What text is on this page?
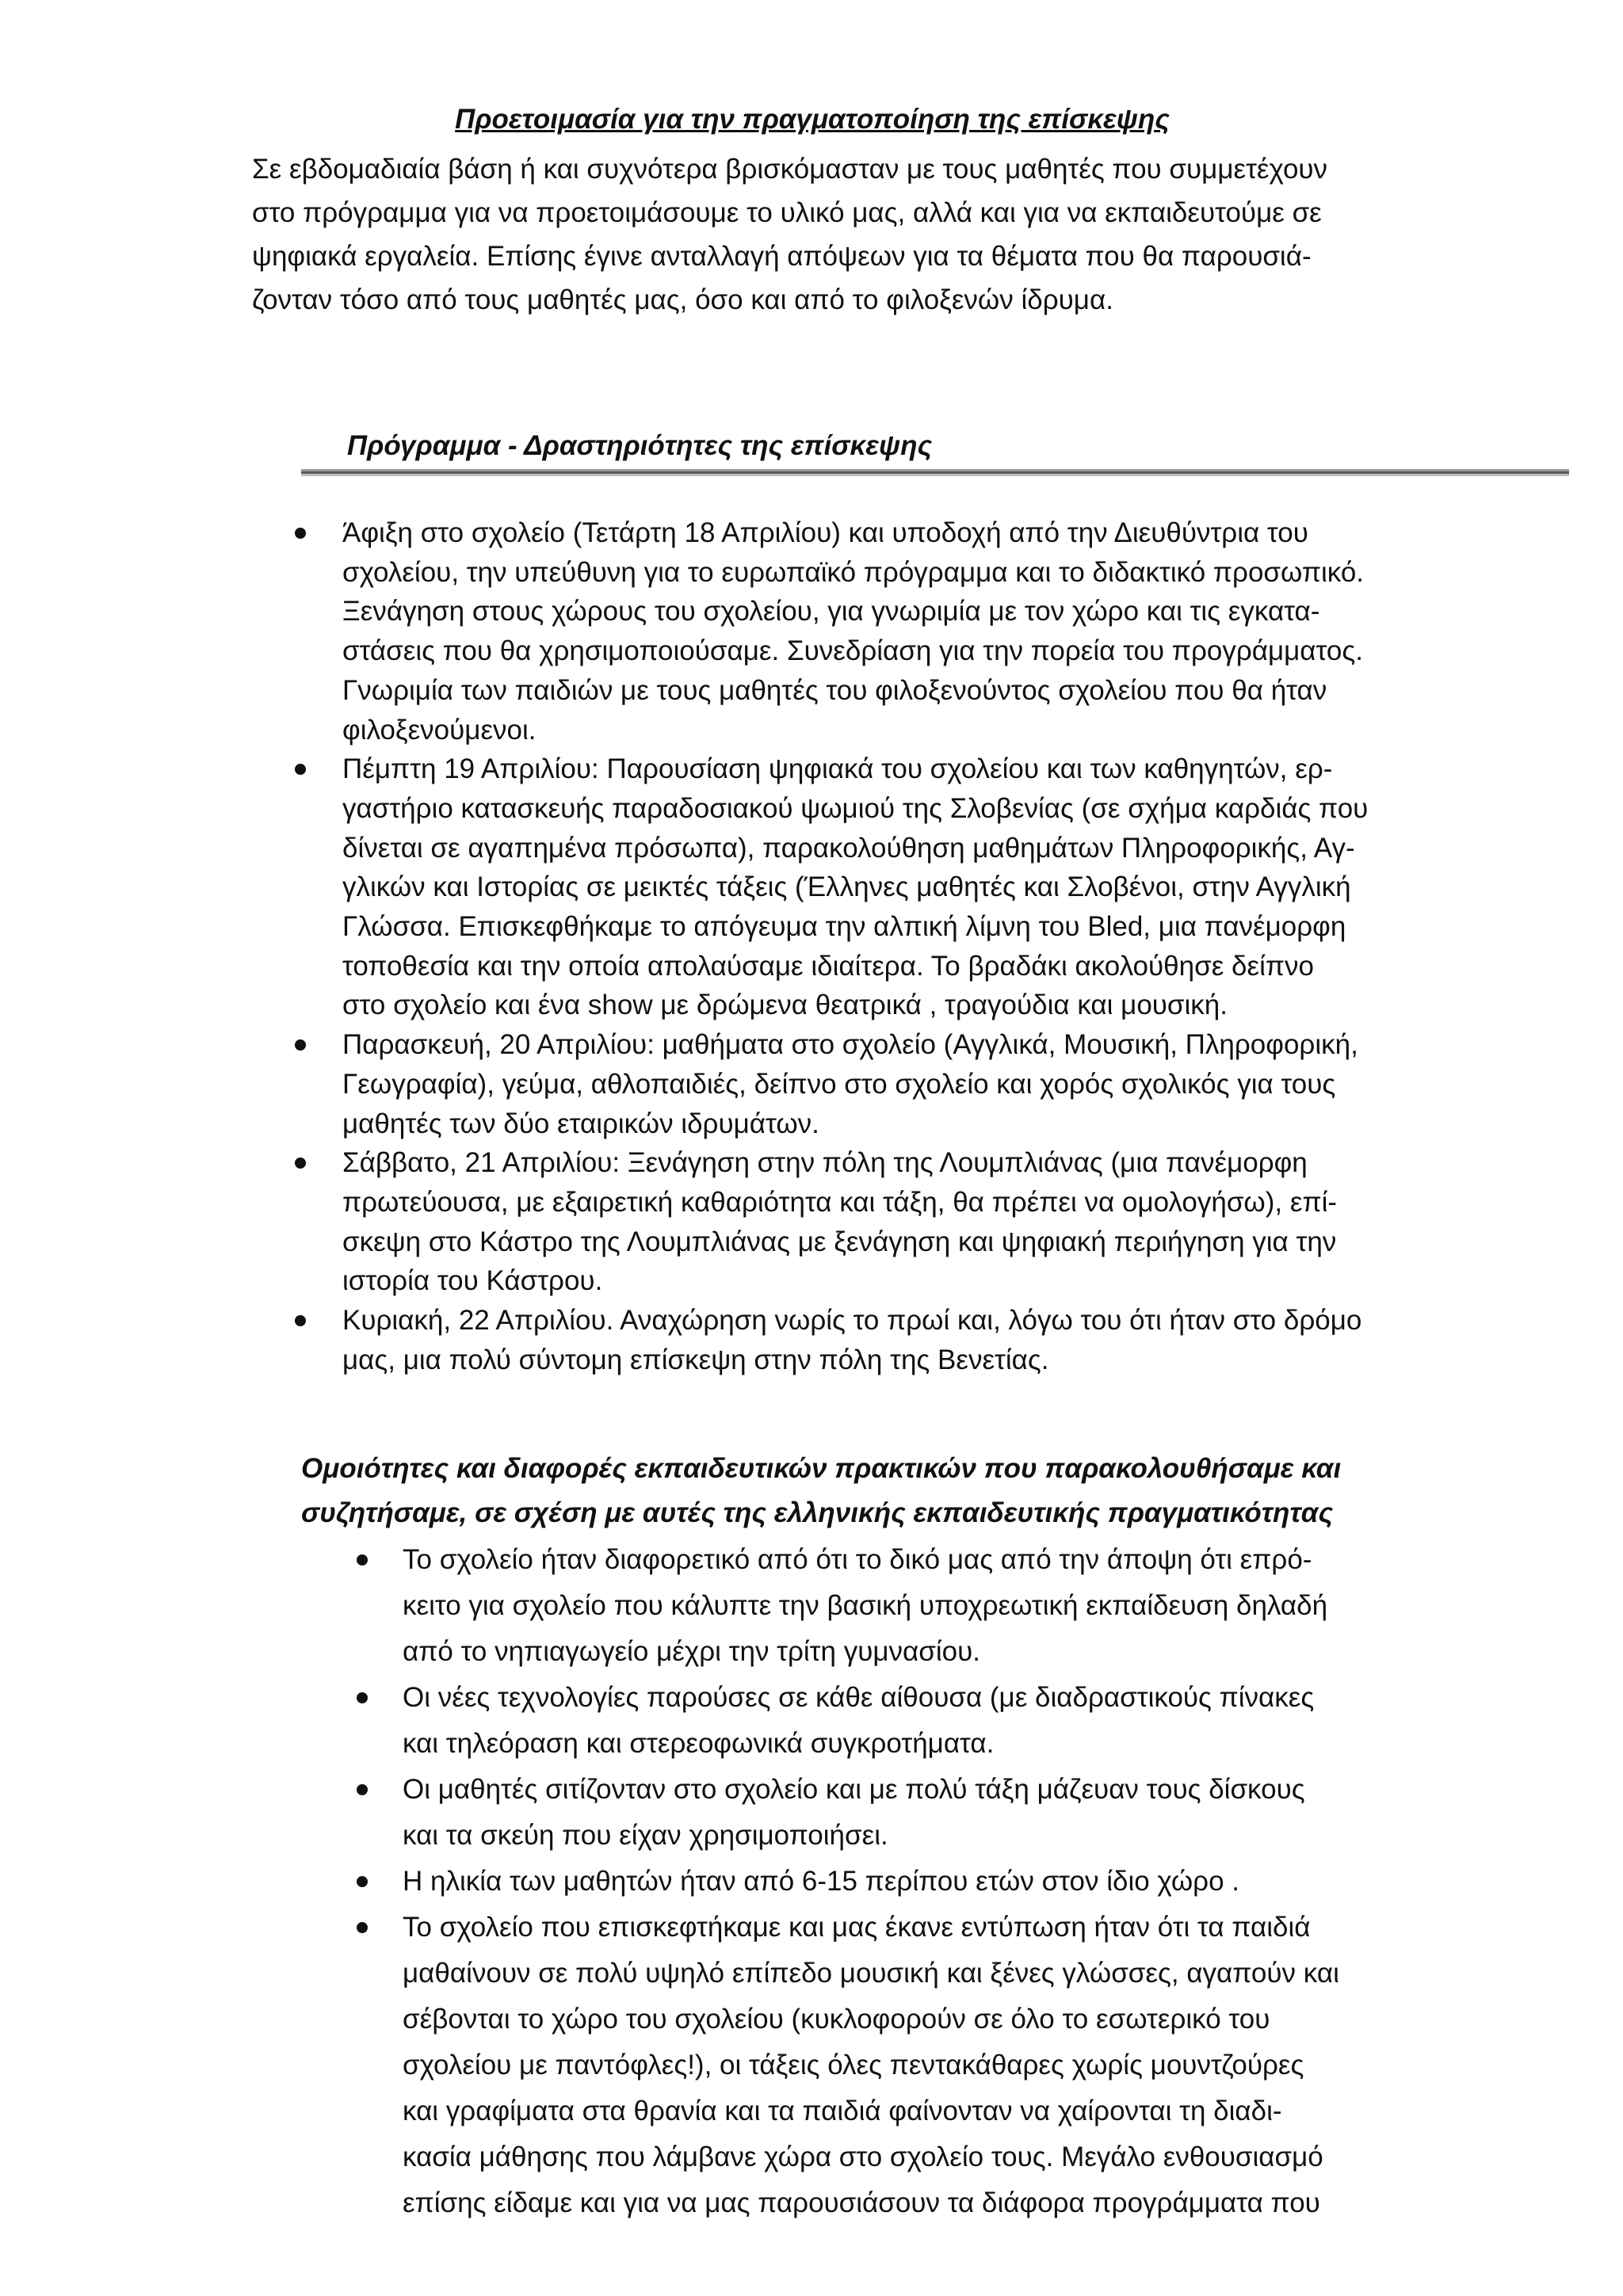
Προετοιμασία για την πραγματοποίηση της επίσκεψης

Σε εβδομαδιαία βάση ή και συχνότερα βρισκόμασταν με τους μαθητές που συμμετέχουν
στο πρόγραμμα για να προετοιμάσουμε το υλικό μας, αλλά και για να εκπαιδευτούμε σε
ψηφιακά εργαλεία. Επίσης έγινε ανταλλαγή απόψεων για τα θέματα που θα παρουσιά-
ζονταν τόσο από τους μαθητές μας, όσο και από το φιλοξενών ίδρυμα.

Πρόγραμμα - Δραστηριότητες της επίσκεψης
Άφιξη στο σχολείο (Τετάρτη 18 Απριλίου) και υποδοχή από την Διευθύντρια του
σχολείου, την υπεύθυνη για το ευρωπαϊκό πρόγραμμα και το διδακτικό προσωπικό.
Ξενάγηση στους χώρους του σχολείου, για γνωριμία με τον χώρο και τις εγκατα-
στάσεις που θα χρησιμοποιούσαμε. Συνεδρίαση για την πορεία του προγράμματος.
Γνωριμία των παιδιών με τους μαθητές του φιλοξενούντος σχολείου που θα ήταν
φιλοξενούμενοι.
Πέμπτη 19 Απριλίου: Παρουσίαση ψηφιακά του σχολείου και των καθηγητών, ερ-
γαστήριο κατασκευής παραδοσιακού ψωμιού της Σλοβενίας (σε σχήμα καρδιάς που
δίνεται σε αγαπημένα πρόσωπα), παρακολούθηση μαθημάτων Πληροφορικής, Αγ-
γλικών και Ιστορίας σε μεικτές τάξεις (Έλληνες μαθητές και Σλοβένοι, στην Αγγλική
Γλώσσα. Επισκεφθήκαμε το απόγευμα την αλπική λίμνη του Bled, μια πανέμορφη
τοποθεσία και την οποία απολαύσαμε ιδιαίτερα. Το βραδάκι ακολούθησε δείπνο
στο σχολείο και ένα show με δρώμενα θεατρικά , τραγούδια και μουσική.
Παρασκευή, 20 Απριλίου: μαθήματα στο σχολείο (Αγγλικά, Μουσική, Πληροφορική,
Γεωγραφία), γεύμα, αθλοπαιδιές, δείπνο στο σχολείο και χορός σχολικός για τους
μαθητές των δύο εταιρικών ιδρυμάτων.
Σάββατο, 21 Απριλίου: Ξενάγηση στην πόλη της Λουμπλιάνας (μια πανέμορφη
πρωτεύουσα, με εξαιρετική καθαριότητα και τάξη, θα πρέπει να ομολογήσω), επί-
σκεψη στο Κάστρο της Λουμπλιάνας με ξενάγηση και ψηφιακή περιήγηση για την
ιστορία του Κάστρου.
Κυριακή, 22 Απριλίου. Αναχώρηση νωρίς το πρωί και, λόγω του ότι ήταν στο δρόμο
μας, μια πολύ σύντομη επίσκεψη στην πόλη της Βενετίας.
Ομοιότητες και διαφορές εκπαιδευτικών πρακτικών που παρακολουθήσαμε και
συζητήσαμε, σε σχέση με αυτές της ελληνικής εκπαιδευτικής πραγματικότητας
Το σχολείο ήταν διαφορετικό από ότι το δικό μας από την άποψη ότι επρό-
κειτο για σχολείο που κάλυπτε την βασική υποχρεωτική εκπαίδευση δηλαδή
από το νηπιαγωγείο μέχρι την τρίτη γυμνασίου.
Οι νέες τεχνολογίες παρούσες σε κάθε αίθουσα (με διαδραστικούς πίνακες
και τηλεόραση και στερεοφωνικά συγκροτήματα.
Οι μαθητές σιτίζονταν στο σχολείο και με πολύ τάξη μάζευαν τους δίσκους
και τα σκεύη που είχαν χρησιμοποιήσει.
Η ηλικία των μαθητών ήταν από 6-15 περίπου ετών στον ίδιο χώρο .
Το σχολείο που επισκεφτήκαμε και μας έκανε εντύπωση ήταν ότι τα παιδιά
μαθαίνουν σε πολύ υψηλό επίπεδο μουσική και ξένες γλώσσες, αγαπούν και
σέβονται το χώρο του σχολείου (κυκλοφορούν σε όλο το εσωτερικό του
σχολείου με παντόφλες!), οι τάξεις όλες πεντακάθαρες χωρίς μουντζούρες
και γραφίματα στα θρανία και τα παιδιά φαίνονταν να χαίρονται τη διαδι-
κασία μάθησης που λάμβανε χώρα στο σχολείο τους. Μεγάλο ενθουσιασμό
επίσης είδαμε και για να μας παρουσιάσουν τα διάφορα προγράμματα που
